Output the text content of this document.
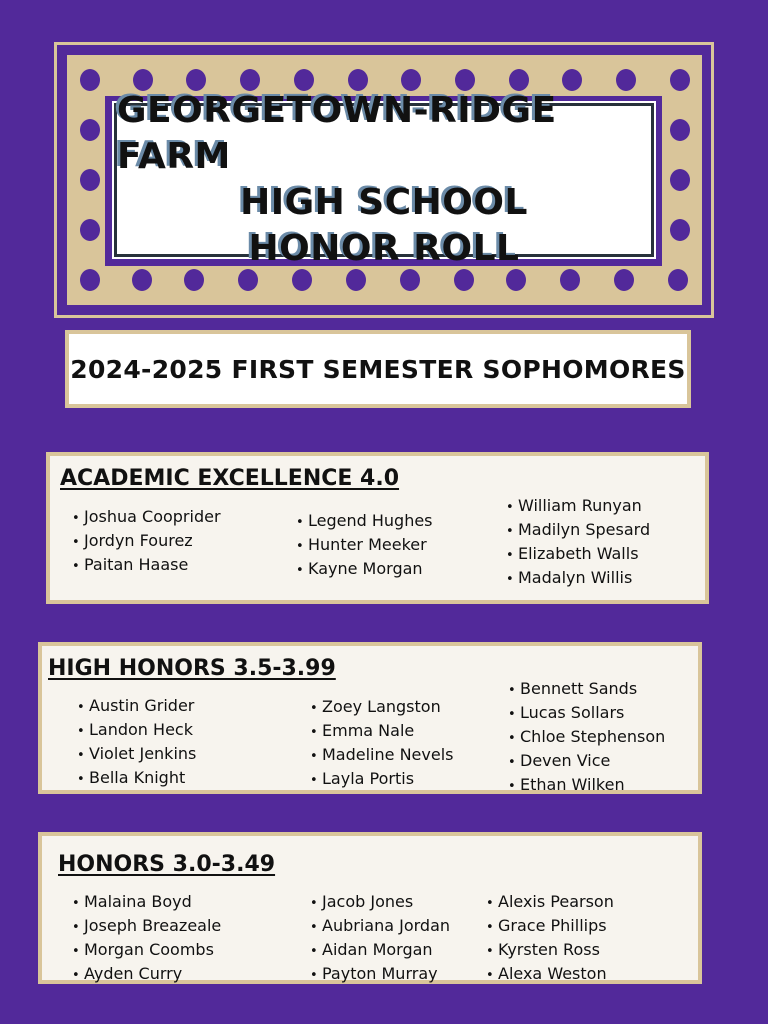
GEORGETOWN-RIDGE FARM
HIGH SCHOOL
HONOR ROLL
2024-2025 FIRST SEMESTER SOPHOMORES
ACADEMIC EXCELLENCE 4.0
• Joshua Cooprider
• Jordyn Fourez
• Paitan Haase
• Legend Hughes
• Hunter Meeker
• Kayne Morgan
• William Runyan
• Madilyn Spesard
• Elizabeth Walls
• Madalyn Willis
HIGH HONORS 3.5-3.99
• Austin Grider
• Landon Heck
• Violet Jenkins
• Bella Knight
• Zoey Langston
• Emma Nale
• Madeline Nevels
• Layla Portis
• Bennett Sands
• Lucas Sollars
• Chloe Stephenson
• Deven Vice
• Ethan Wilken
HONORS 3.0-3.49
• Malaina Boyd
• Joseph Breazeale
• Morgan Coombs
• Ayden Curry
• Jacob Jones
• Aubriana Jordan
• Aidan Morgan
• Payton Murray
• Alexis Pearson
• Grace Phillips
• Kyrsten Ross
• Alexa Weston
